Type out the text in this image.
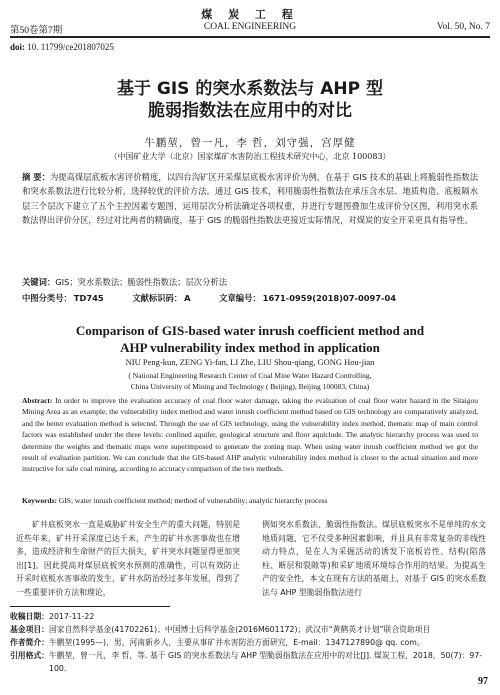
煤 炭 工 程
第50卷第7期	COAL ENGINEERING	Vol. 50, No. 7
doi: 10. 11799/ce201807025
基于 GIS 的突水系数法与 AHP 型
脆弱指数法在应用中的对比
牛鹏堃，曾一凡，李 哲，刘守强，宫厚健
（中国矿业大学（北京）国家煤矿水害防治工程技术研究中心，北京 100083）
摘 要：为提高煤层底板水害评价精度，以四台沟矿区开采煤层底板水害评价为例，在基于 GIS 技术的基础上将脆弱性指数法和突水系数法进行比较分析，选择较优的评价方法。通过 GIS 技术，利用脆弱性指数法在承压含水层、地质构造、底板隔水层三个层次下建立了五个主控因素专题图，运用层次分析法确定各项权重，并进行专题图叠加生成评价分区图，利用突水系数法得出评价分区，经过对比两者的精确度，基于 GIS 的脆弱性指数法更接近实际情况，对煤炭的安全开采更具有指导性。
关键词：GIS；突水系数法；脆弱性指数法；层次分析法
中图分类号： TD745	文献标识码： A	文章编号： 1671-0959(2018)07-0097-04
Comparison of GIS-based water inrush coefficient method and
AHP vulnerability index method in application
NIU Peng-kun, ZENG Yi-fan, LI Zhe, LIU Shou-qiang, GONG Hou-jian
( National Engineering Research Center of Coal Mine Water Hazard Controlling,
China University of Mining and Technology ( Beijing), Beijing 100083, China)
Abstract: In order to improve the evaluation accuracy of coal floor water damage, taking the evaluation of coal floor water hazard in the Sitaigou Mining Area as an example, the vulnerability index method and water inrush coefficient method based on GIS technology are comparatively analyzed, and the better evaluation method is selected. Through the use of GIS technology, using the vulnerability index method, thematic map of main control factors was established under the three levels: confined aquifer, geological structure and floor aquiclude. The analytic hierarchy process was used to determine the weights and thematic maps were superimposed to generate the zoning map. When using water inrush coefficient method we got the result of evaluation partition. We can conclude that the GIS-based AHP analytic vulnerability index method is closer to the actual situation and more instructive for safe coal mining, according to accuracy comparison of the two methods.
Keywords: GIS; water inrush coefficient method; method of vulnerability; analytic hierarchy process
矿井底板突水一直是威胁矿井安全生产的重大问题，特别是近些年来，矿井开采深度已达千米，产生的矿井水害事故也在增多，造成经济和生命财产的巨大损失，矿井突水问题显得更加突出[1]。因此提高对煤层底板突水预测的准确性，可以有效防止开采时底板水害事故的发生，矿井水防治经过多年发展，得到了一些重要评价方法和理论，
例如突水系数法、脆弱性指数法。煤层底板突水不是单纯的水文地质问题，它不仅受多种因素影响，并且具有非常复杂的非线性动力特点，是在人为采掘活动的诱发下底板岩性、结构(陷落柱、断层和裂隙等)和采矿地质环境综合作用的结果。为提高生产的安全性，本文在现有方法的基础上，对基于 GIS 的突水系数法与 AHP 型脆弱指数法进行
收稿日期： 2017-11-22
基金项目： 国家自然科学基金(41702261)；中国博士后科学基金(2016M601172)；武汉市“黄鹤英才计划”联合资助项目
作者简介： 牛鹏堃(1995—)，男，河南新乡人，主要从事矿井水害防治方面研究，E-mail：1347127890@ qq. com。
引用格式： 牛鹏堃，曾一凡，李 哲，等. 基于 GIS 的突水系数法与 AHP 型脆弱指数法在应用中的对比[J]. 煤炭工程，2018，50(7)：97-100.
97
